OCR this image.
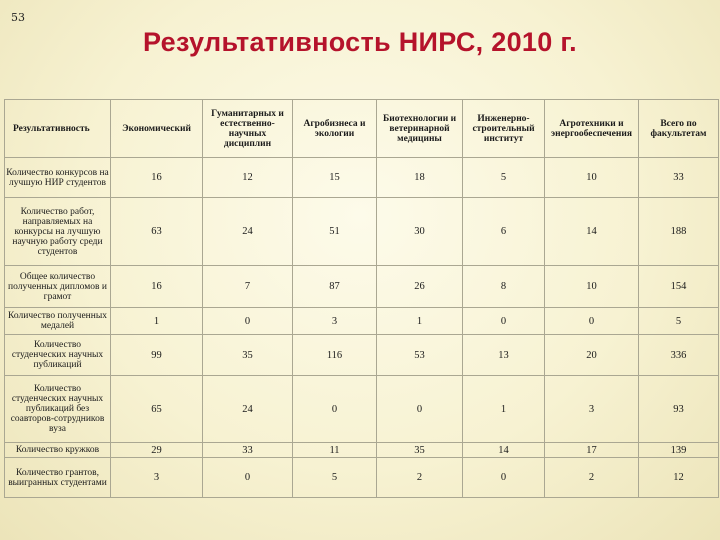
53
Результативность НИРС, 2010 г.
Результативность	Экономический	Гуманитарных и естественно-научных дисциплин	Агробизнеса и экологии	Биотехнологии и ветеринарной медицины	Инженерно-строительный институт	Агротехники и энергообеспечения	Всего по факультетам
Количество конкурсов на лучшую НИР студентов	16	12	15	18	5	10	33
Количество работ, направляемых на конкурсы на лучшую научную работу среди студентов	63	24	51	30	6	14	188
Общее количество полученных дипломов и грамот	16	7	87	26	8	10	154
Количество полученных медалей	1	0	3	1	0	0	5
Количество студенческих научных публикаций	99	35	116	53	13	20	336
Количество студенческих научных публикаций без соавторов-сотрудников вуза	65	24	0	0	1	3	93
Количество кружков	29	33	11	35	14	17	139
Количество грантов, выигранных студентами	3	0	5	2	0	2	12
